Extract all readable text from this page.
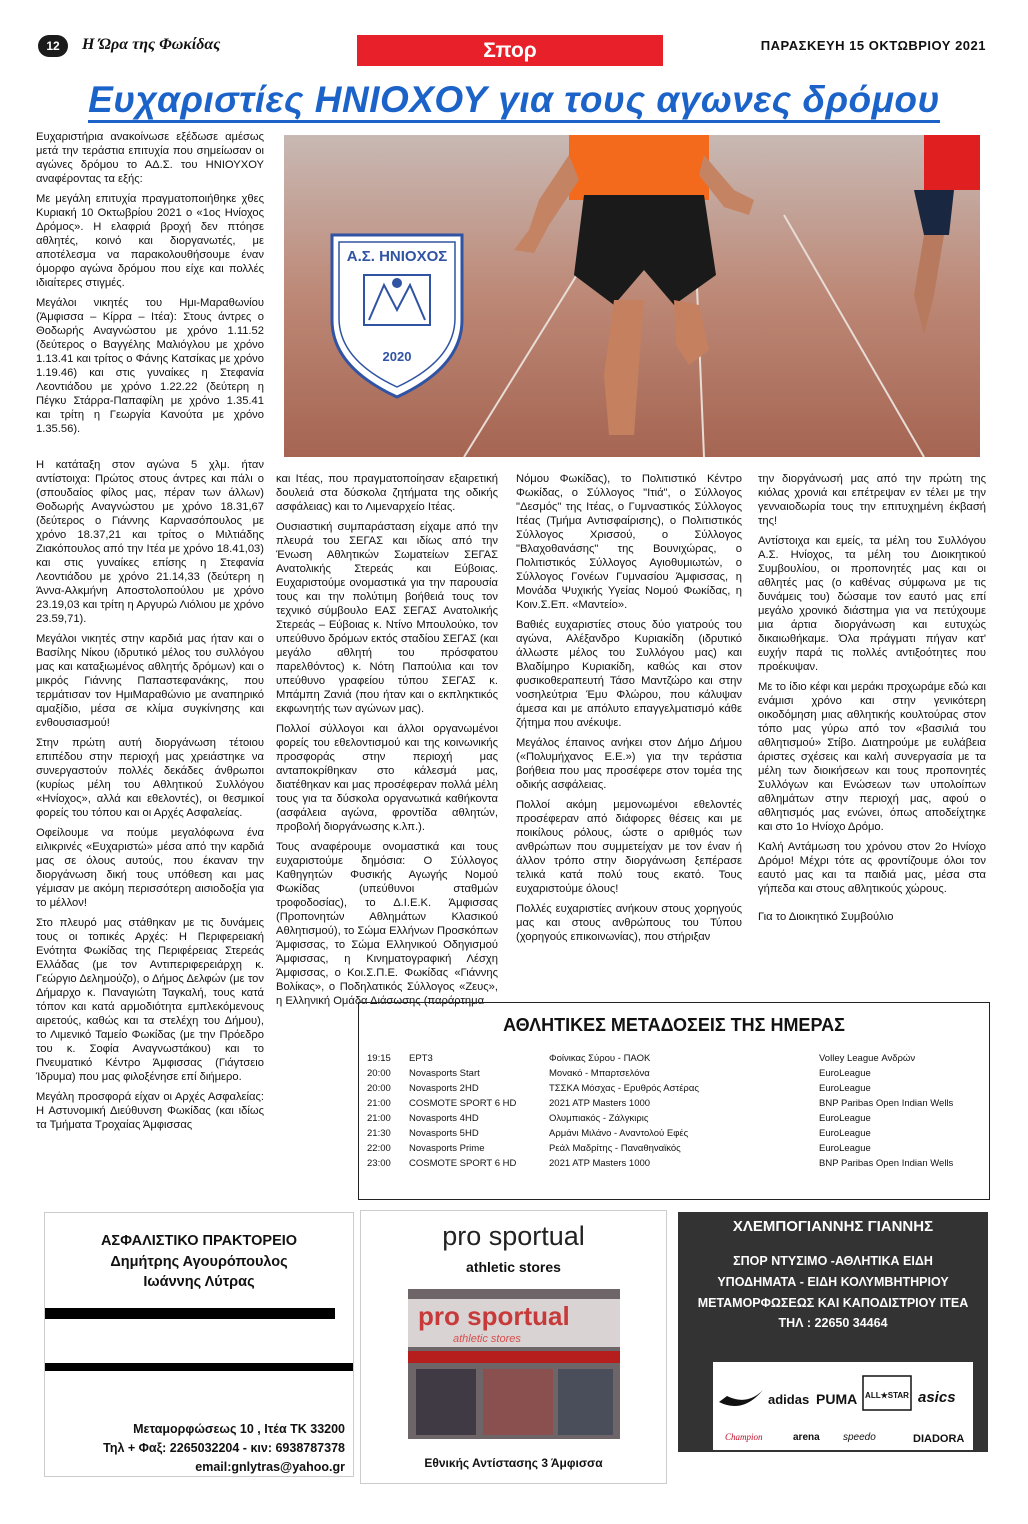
12	Η Ώρα της Φωκίδας	Σπορ	ΠΑΡΑΣΚΕΥΗ 15 ΟΚΤΩΒΡΙΟΥ 2021
Ευχαριστίες ΗΝΙΟΧΟΥ για τους αγωνες δρόμου
Α.Σ. ΗΝΙΟΧΟΣ
2020

Ευχαριστήρια ανακοίνωσε εξέδωσε αμέσως μετά την τεράστια επιτυχία που σημείωσαν οι αγώνες δρόμου το ΑΔ.Σ. του ΗΝΙΟΥΧΟΥ αναφέροντας τα εξής:

Με μεγάλη επιτυχία πραγματοποιήθηκε χθες Κυριακή 10 Οκτωβρίου 2021 ο «1ος Ηνίοχος Δρόμος». Η ελαφριά βροχή δεν πτόησε αθλητές, κοινό και διοργανωτές, με αποτέλεσμα να παρακολουθήσουμε έναν όμορφο αγώνα δρόμου που είχε και πολλές ιδιαίτερες στιγμές.

Μεγάλοι νικητές του Ημι-Μαραθωνίου (Άμφισσα – Κίρρα – Ιτέα): Στους άντρες ο Θοδωρής Αναγνώστου με χρόνο 1.11.52 (δεύτερος ο Βαγγέλης Μαλιόγλου με χρόνο 1.13.41 και τρίτος ο Φάνης Κατσίκας με χρόνο 1.19.46) και στις γυναίκες η Στεφανία Λεοντιάδου με χρόνο 1.22.22 (δεύτερη η Πέγκυ Στάρρα-Παπαφίλη με χρόνο 1.35.41 και τρίτη η Γεωργία Κανούτα με χρόνο 1.35.56).

Η κατάταξη στον αγώνα 5 χλμ. ήταν αντίστοιχα: Πρώτος στους άντρες και πάλι ο (σπουδαίος φίλος μας, πέραν των άλλων) Θοδωρής Αναγνώστου με χρόνο 18.31,67 (δεύτερος ο Γιάννης Καρνασόπουλος με χρόνο 18.37,21 και τρίτος ο Μιλτιάδης Ζιακόπουλος από την Ιτέα με χρόνο 18.41,03) και στις γυναίκες επίσης η Στεφανία Λεοντιάδου με χρόνο 21.14,33 (δεύτερη η Άννα-Αλκμήνη Αποστολοπούλου με χρόνο 23.19,03 και τρίτη η Αργυρώ Λιόλιου με χρόνο 23.59,71).

Μεγάλοι νικητές στην καρδιά μας ήταν και ο Βασίλης Νίκου (ιδρυτικό μέλος του συλλόγου μας και καταξιωμένος αθλητής δρόμων) και ο μικρός Γιάννης Παπαστεφανάκης, που τερμάτισαν τον ΗμιΜαραθώνιο με αναπηρικό αμαξίδιο, μέσα σε κλίμα συγκίνησης και ενθουσιασμού!

Στην πρώτη αυτή διοργάνωση τέτοιου επιπέδου στην περιοχή μας χρειάστηκε να συνεργαστούν πολλές δεκάδες άνθρωποι (κυρίως μέλη του Αθλητικού Συλλόγου «Ηνίοχος», αλλά και εθελοντές), οι θεσμικοί φορείς του τόπου και οι Αρχές Ασφαλείας.

Οφείλουμε να πούμε μεγαλόφωνα ένα ειλικρινές «Ευχαριστώ» μέσα από την καρδιά μας σε όλους αυτούς, που έκαναν την διοργάνωση δική τους υπόθεση και μας γέμισαν με ακόμη περισσότερη αισιοδοξία για το μέλλον!

Στο πλευρό μας στάθηκαν με τις δυνάμεις τους οι τοπικές Αρχές: Η Περιφερειακή Ενότητα Φωκίδας της Περιφέρειας Στερεάς Ελλάδας (με τον Αντιπεριφερειάρχη κ. Γεώργιο Δελημούζο), ο Δήμος Δελφών (με τον Δήμαρχο κ. Παναγιώτη Ταγκαλή, τους κατά τόπον και κατά αρμοδιότητα εμπλεκόμενους αιρετούς, καθώς και τα στελέχη του Δήμου), το Λιμενικό Ταμείο Φωκίδας (με την Πρόεδρο του κ. Σοφία Αναγνωστάκου) και το Πνευματικό Κέντρο Άμφισσας (Γιάγτσειο Ίδρυμα) που μας φιλοξένησε επί διήμερο.

Μεγάλη προσφορά είχαν οι Αρχές Ασφαλείας: Η Αστυνομική Διεύθυνση Φωκίδας (και ιδίως τα Τμήματα Τροχαίας Άμφισσας

και Ιτέας, που πραγματοποίησαν εξαιρετική δουλειά στα δύσκολα ζητήματα της οδικής ασφάλειας) και το Λιμεναρχείο Ιτέας.

Ουσιαστική συμπαράσταση είχαμε από την πλευρά του ΣΕΓΑΣ και ιδίως από την Ένωση Αθλητικών Σωματείων ΣΕΓΑΣ Ανατολικής Στερεάς και Εύβοιας. Ευχαριστούμε ονομαστικά για την παρουσία τους και την πολύτιμη βοήθειά τους τον τεχνικό σύμβουλο ΕΑΣ ΣΕΓΑΣ Ανατολικής Στερεάς – Εύβοιας κ. Ντίνο Μπουλούκο, τον υπεύθυνο δρόμων εκτός σταδίου ΣΕΓΑΣ (και μεγάλο αθλητή του πρόσφατου παρελθόντος) κ. Νότη Παπούλια και τον υπεύθυνο γραφείου τύπου ΣΕΓΑΣ κ. Μπάμπη Ζανιά (που ήταν και ο εκπληκτικός εκφωνητής των αγώνων μας).

Πολλοί σύλλογοι και άλλοι οργανωμένοι φορείς του εθελοντισμού και της κοινωνικής προσφοράς στην περιοχή μας ανταποκρίθηκαν στο κάλεσμά μας, διατέθηκαν και μας προσέφεραν πολλά μέλη τους για τα δύσκολα οργανωτικά καθήκοντα (ασφάλεια αγώνα, φροντίδα αθλητών, προβολή διοργάνωσης κ.λπ.).

Τους αναφέρουμε ονομαστικά και τους ευχαριστούμε δημόσια: Ο Σύλλογος Καθηγητών Φυσικής Αγωγής Νομού Φωκίδας (υπεύθυνοι σταθμών τροφοδοσίας), το Δ.Ι.Ε.Κ. Άμφισσας (Προπονητών Αθλημάτων Κλασικού Αθλητισμού), το Σώμα Ελλήνων Προσκόπων Άμφισσας, το Σώμα Ελληνικού Οδηγισμού Άμφισσας, η Κινηματογραφική Λέσχη Άμφισσας, ο Κοι.Σ.Π.Ε. Φωκίδας «Γιάννης Βολίκας», ο Ποδηλατικός Σύλλογος «Ζευς», η Ελληνική Ομάδα Διάσωσης (παράρτημα

Νόμου Φωκίδας), το Πολιτιστικό Κέντρο Φωκίδας, ο Σύλλογος "Ιτιά", ο Σύλλογος "Δεσμός" της Ιτέας, ο Γυμναστικός Σύλλογος Ιτέας (Τμήμα Αντισφαίρισης), ο Πολιτιστικός Σύλλογος Χρισσού, ο Σύλλογος "Βλαχοθανάσης" της Βουνιχώρας, ο Πολιτιστικός Σύλλογος Αγιοθυμιωτών, ο Σύλλογος Γονέων Γυμνασίου Άμφισσας, η Μονάδα Ψυχικής Υγείας Νομού Φωκίδας, η Κοιν.Σ.Επ. «Μαντείο».

Βαθιές ευχαριστίες στους δύο γιατρούς του αγώνα, Αλέξανδρο Κυριακίδη (ιδρυτικό άλλωστε μέλος του Συλλόγου μας) και Βλαδίμηρο Κυριακίδη, καθώς και στον φυσικοθεραπευτή Τάσο Μαντζώρο και στην νοσηλεύτρια Έμυ Φλώρου, που κάλυψαν άμεσα και με απόλυτο επαγγελματισμό κάθε ζήτημα που ανέκυψε.

Μεγάλος έπαινος ανήκει στον Δήμο Δήμου («Πολυμήχανος Ε.Ε.») για την τεράστια βοήθεια που μας προσέφερε στον τομέα της οδικής ασφάλειας.

Πολλοί ακόμη μεμονωμένοι εθελοντές προσέφεραν από διάφορες θέσεις και με ποικίλους ρόλους, ώστε ο αριθμός των ανθρώπων που συμμετείχαν με τον έναν ή άλλον τρόπο στην διοργάνωση ξεπέρασε τελικά κατά πολύ τους εκατό. Τους ευχαριστούμε όλους!

Πολλές ευχαριστίες ανήκουν στους χορηγούς μας και στους ανθρώπους του Τύπου (χορηγούς επικοινωνίας), που στήριξαν

την διοργάνωσή μας από την πρώτη της κιόλας χρονιά και επέτρεψαν εν τέλει με την γενναιοδωρία τους την επιτυχημένη έκβασή της!

Αντίστοιχα και εμείς, τα μέλη του Συλλόγου Α.Σ. Ηνίοχος, τα μέλη του Διοικητικού Συμβουλίου, οι προπονητές μας και οι αθλητές μας (ο καθένας σύμφωνα με τις δυνάμεις του) δώσαμε τον εαυτό μας επί μεγάλο χρονικό διάστημα για να πετύχουμε μια άρτια διοργάνωση και ευτυχώς δικαιωθήκαμε. Όλα πράγματι πήγαν κατ' ευχήν παρά τις πολλές αντιξοότητες που προέκυψαν.

Με το ίδιο κέφι και μεράκι προχωράμε εδώ και ενάμισι χρόνο και στην γενικότερη οικοδόμηση μιας αθλητικής κουλτούρας στον τόπο μας γύρω από τον «βασιλιά του αθλητισμού» Στίβο. Διατηρούμε με ευλάβεια άριστες σχέσεις και καλή συνεργασία με τα μέλη των διοικήσεων και τους προπονητές Συλλόγων και Ενώσεων των υπολοίπων αθλημάτων στην περιοχή μας, αφού ο αθλητισμός μας ενώνει, όπως αποδείχτηκε και στο 1ο Ηνίοχο Δρόμο.

Καλή Αντάμωση του χρόνου στον 2ο Ηνίοχο Δρόμο! Μέχρι τότε ας φροντίζουμε όλοι τον εαυτό μας και τα παιδιά μας, μέσα στα γήπεδα και στους αθλητικούς χώρους.

Για το Διοικητικό Συμβούλιο

ΑΘΛΗΤΙΚΕΣ ΜΕΤΑΔΟΣΕΙΣ ΤΗΣ ΗΜΕΡΑΣ
19:15	ΕΡΤ3	Φοίνικας Σύρου - ΠΑΟΚ	Volley League Ανδρών
20:00	Novasports Start	Μονακό - Μπαρτσελόνα	EuroLeague
20:00	Novasports 2HD	ΤΣΣΚΑ Μόσχας - Ερυθρός Αστέρας	EuroLeague
21:00	COSMOTE SPORT 6 HD	2021 ATP Masters 1000	BNP Paribas Open Indian Wells
21:00	Novasports 4HD	Ολυμπιακός - Ζάλγκιρις	EuroLeague
21:30	Novasports 5HD	Αρμάνι Μιλάνο - Αναντολού Εφές	EuroLeague
22:00	Novasports Prime	Ρεάλ Μαδρίτης - Παναθηναϊκός	EuroLeague
23:00	COSMOTE SPORT 6 HD	2021 ATP Masters 1000	BNP Paribas Open Indian Wells
ΑΣΦΑΛΙΣΤΙΚΟ ΠΡΑΚΤΟΡΕΙΟ
Δημήτρης Αγουρόπουλος
Ιωάννης Λύτρας
Μεταμορφώσεως 10 , Ιτέα ΤΚ 33200
Τηλ + Φαξ: 2265032204 - κιν: 6938787378
email:gnlytras@yahoo.gr
pro sportual
athletic stores
pro sportual
athletic stores
Εθνικής Αντίστασης 3 Άμφισσα
ΧΛΕΜΠΟΓΙΑΝΝΗΣ ΓΙΑΝΝΗΣ
ΣΠΟΡ ΝΤΥΣΙΜΟ -ΑΘΛΗΤΙΚΑ ΕΙΔΗ
ΥΠΟΔΗΜΑΤΑ - ΕΙΔΗ ΚΟΛΥΜΒΗΤΗΡΙΟΥ
ΜΕΤΑΜΟΡΦΩΣΕΩΣ ΚΑΙ ΚΑΠΟΔΙΣΤΡΙΟΥ ΙΤΕΑ
ΤΗΛ : 22650 34464
adidas PUMA ALL★STAR asics
Champion	arena speedo	DIADORA
